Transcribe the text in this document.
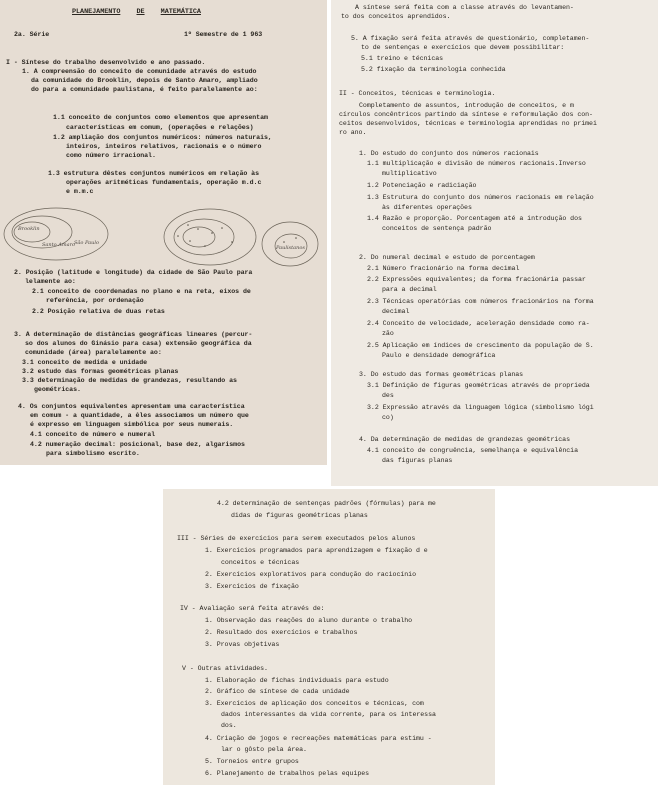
PLANEJAMENTO DE MATEMÁTICA
2a. Série	1º Semestre de 1 963
I - Síntese do trabalho desenvolvido e ano passado.
1. A compreensão do conceito de comunidade através do estudo
da comunidade do Brooklin, depois de Santo Amaro, ampliado
do para a comunidade paulistana, é feito paralelamente ao:
1.1 conceito de conjuntos como elementos que apresentam
características em comum, (operações e relações)
1.2 ampliação dos conjuntos numéricos: números naturais,
inteiros, inteiros relativos, racionais e o número
como número irracional.
1.3 estrutura dêstes conjuntos numéricos em relação às
operações aritméticas fundamentais, operação m.d.c
e m.m.c
Brooklin
Santo Amaro São Paulo
Paulistanos
2. Posição (latitude e longitude) da cidade de São Paulo para
lelamente ao:
2.1 conceito de coordenadas no plano e na reta, eixos de
referência, por ordenação
2.2 Posição relativa de duas retas
3. A determinação de distâncias geográficas lineares (percur-
so dos alunos do Ginásio para casa) extensão geográfica da
comunidade (área) paralelamente ao:
3.1 conceito de medida e unidade
3.2 estudo das formas geométricas planas
3.3 determinação de medidas de grandezas, resultando as
geométricas.
4. Os conjuntos equivalentes apresentam uma característica
em comum - a quantidade, a êles associamos um número que
é expresso em linguagem simbólica por seus numerais.
4.1 conceito de número e numeral
4.2 numeração decimal: posicional, base dez, algarismos
para simbolismo escrito.
A síntese será feita com a classe através do levantamen-
to dos conceitos aprendidos.
5. A fixação será feita através de questionário, completamen-
to de sentenças e exercícios que devem possibilitar:
5.1 treino e técnicas
5.2 fixação da terminologia conhecida
II - Conceitos, técnicas e terminologia.
Completamento de assuntos, introdução de conceitos, e m
círculos concêntricos partindo da síntese e reformulação dos con-
ceitos desenvolvidos, técnicas e terminologia aprendidas no primei
ro ano.
1. Do estudo do conjunto dos números racionais
1.1 multiplicação e divisão de números racionais.Inverso
multiplicativo
1.2 Potenciação e radiciação
1.3 Estrutura do conjunto dos números racionais em relação
às diferentes operações
1.4 Razão e proporção. Porcentagem até a introdução dos
conceitos de sentença padrão
2. Do numeral decimal e estudo de porcentagem
2.1 Número fracionário na forma decimal
2.2 Expressões equivalentes; da forma fracionária passar
para a decimal
2.3 Técnicas operatórias com números fracionários na forma
decimal
2.4 Conceito de velocidade, aceleração densidade como ra-
zão
2.5 Aplicação em índices de crescimento da população de S.
Paulo e densidade demográfica
3. Do estudo das formas geométricas planas
3.1 Definição de figuras geométricas através de proprieda
des
3.2 Expressão através da linguagem lógica (simbolismo lógi
co)
4. Da determinação de medidas de grandezas geométricas
4.1 conceito de congruência, semelhança e equivalência
das figuras planas
4.2 determinação de sentenças padrões (fórmulas) para me
didas de figuras geométricas planas
III - Séries de exercícios para serem executados pelos alunos
1. Exercícios programados para aprendizagem e fixação d e
conceitos e técnicas
2. Exercícios explorativos para condução do raciocínio
3. Exercícios de fixação
IV - Avaliação será feita através de:
1. Observação das reações do aluno durante o trabalho
2. Resultado dos exercícios e trabalhos
3. Provas objetivas
V - Outras atividades.
1. Elaboração de fichas individuais para estudo
2. Gráfico de síntese de cada unidade
3. Exercícios de aplicação dos conceitos e técnicas, com
dados interessantes da vida corrente, para os interessa
dos.
4. Criação de jogos e recreações matemáticas para estimu -
lar o gôsto pela área.
5. Torneios entre grupos
6. Planejamento de trabalhos pelas equipes
